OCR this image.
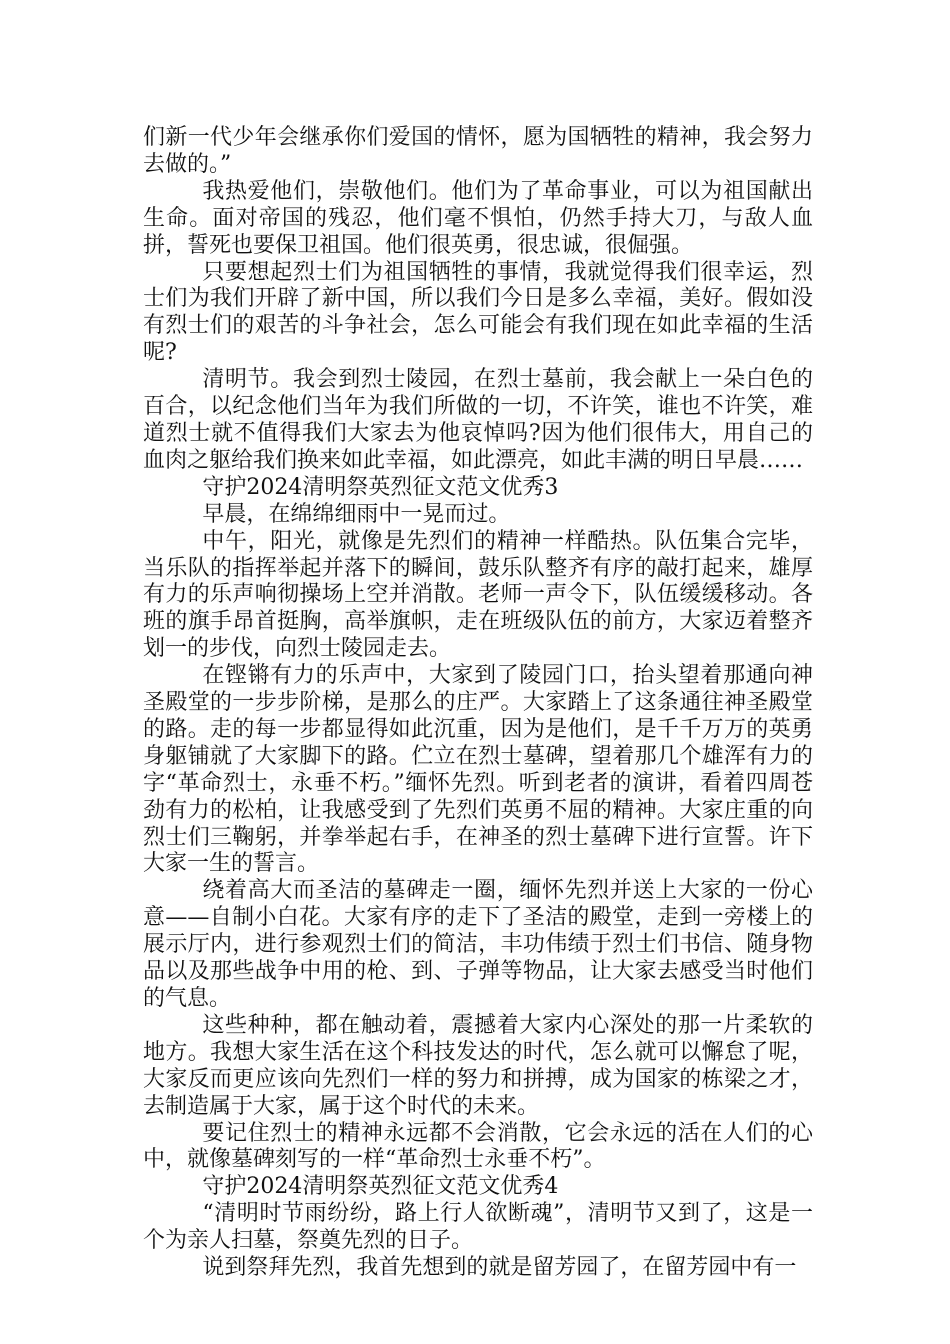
们新一代少年会继承你们爱国的情怀，愿为国牺牲的精神，我会努力去做的。”

我热爱他们，崇敬他们。他们为了革命事业，可以为祖国献出生命。面对帝国的残忍，他们毫不惧怕，仍然手持大刀，与敌人血拼，誓死也要保卫祖国。他们很英勇，很忠诚，很倔强。

只要想起烈士们为祖国牺牲的事情，我就觉得我们很幸运，烈士们为我们开辟了新中国，所以我们今日是多么幸福，美好。假如没有烈士们的艰苦的斗争社会，怎么可能会有我们现在如此幸福的生活呢?

清明节。我会到烈士陵园，在烈士墓前，我会献上一朵白色的百合，以纪念他们当年为我们所做的一切，不许笑，谁也不许笑，难道烈士就不值得我们大家去为他哀悼吗?因为他们很伟大，用自己的血肉之躯给我们换来如此幸福，如此漂亮，如此丰满的明日早晨……

守护2024清明祭英烈征文范文优秀3

早晨，在绵绵细雨中一晃而过。

中午，阳光，就像是先烈们的精神一样酷热。队伍集合完毕，当乐队的指挥举起并落下的瞬间，鼓乐队整齐有序的敲打起来，雄厚有力的乐声响彻操场上空并消散。老师一声令下，队伍缓缓移动。各班的旗手昂首挺胸，高举旗帜，走在班级队伍的前方，大家迈着整齐划一的步伐，向烈士陵园走去。

在铿锵有力的乐声中，大家到了陵园门口，抬头望着那通向神圣殿堂的一步步阶梯，是那么的庄严。大家踏上了这条通往神圣殿堂的路。走的每一步都显得如此沉重，因为是他们，是千千万万的英勇身躯铺就了大家脚下的路。伫立在烈士墓碑，望着那几个雄浑有力的字“革命烈士，永垂不朽。”缅怀先烈。听到老者的演讲，看着四周苍劲有力的松柏，让我感受到了先烈们英勇不屈的精神。大家庄重的向烈士们三鞠躬，并拳举起右手，在神圣的烈士墓碑下进行宣誓。许下大家一生的誓言。

绕着高大而圣洁的墓碑走一圈，缅怀先烈并送上大家的一份心意——自制小白花。大家有序的走下了圣洁的殿堂，走到一旁楼上的展示厅内，进行参观烈士们的简洁，丰功伟绩于烈士们书信、随身物品以及那些战争中用的枪、到、子弹等物品，让大家去感受当时他们的气息。

这些种种，都在触动着，震撼着大家内心深处的那一片柔软的地方。我想大家生活在这个科技发达的时代，怎么就可以懈怠了呢，大家反而更应该向先烈们一样的努力和拼搏，成为国家的栋梁之才，去制造属于大家，属于这个时代的未来。

要记住烈士的精神永远都不会消散，它会永远的活在人们的心中，就像墓碑刻写的一样“革命烈士永垂不朽”。

守护2024清明祭英烈征文范文优秀4

“清明时节雨纷纷，路上行人欲断魂”，清明节又到了，这是一个为亲人扫墓，祭奠先烈的日子。

说到祭拜先烈，我首先想到的就是留芳园了，在留芳园中有一
